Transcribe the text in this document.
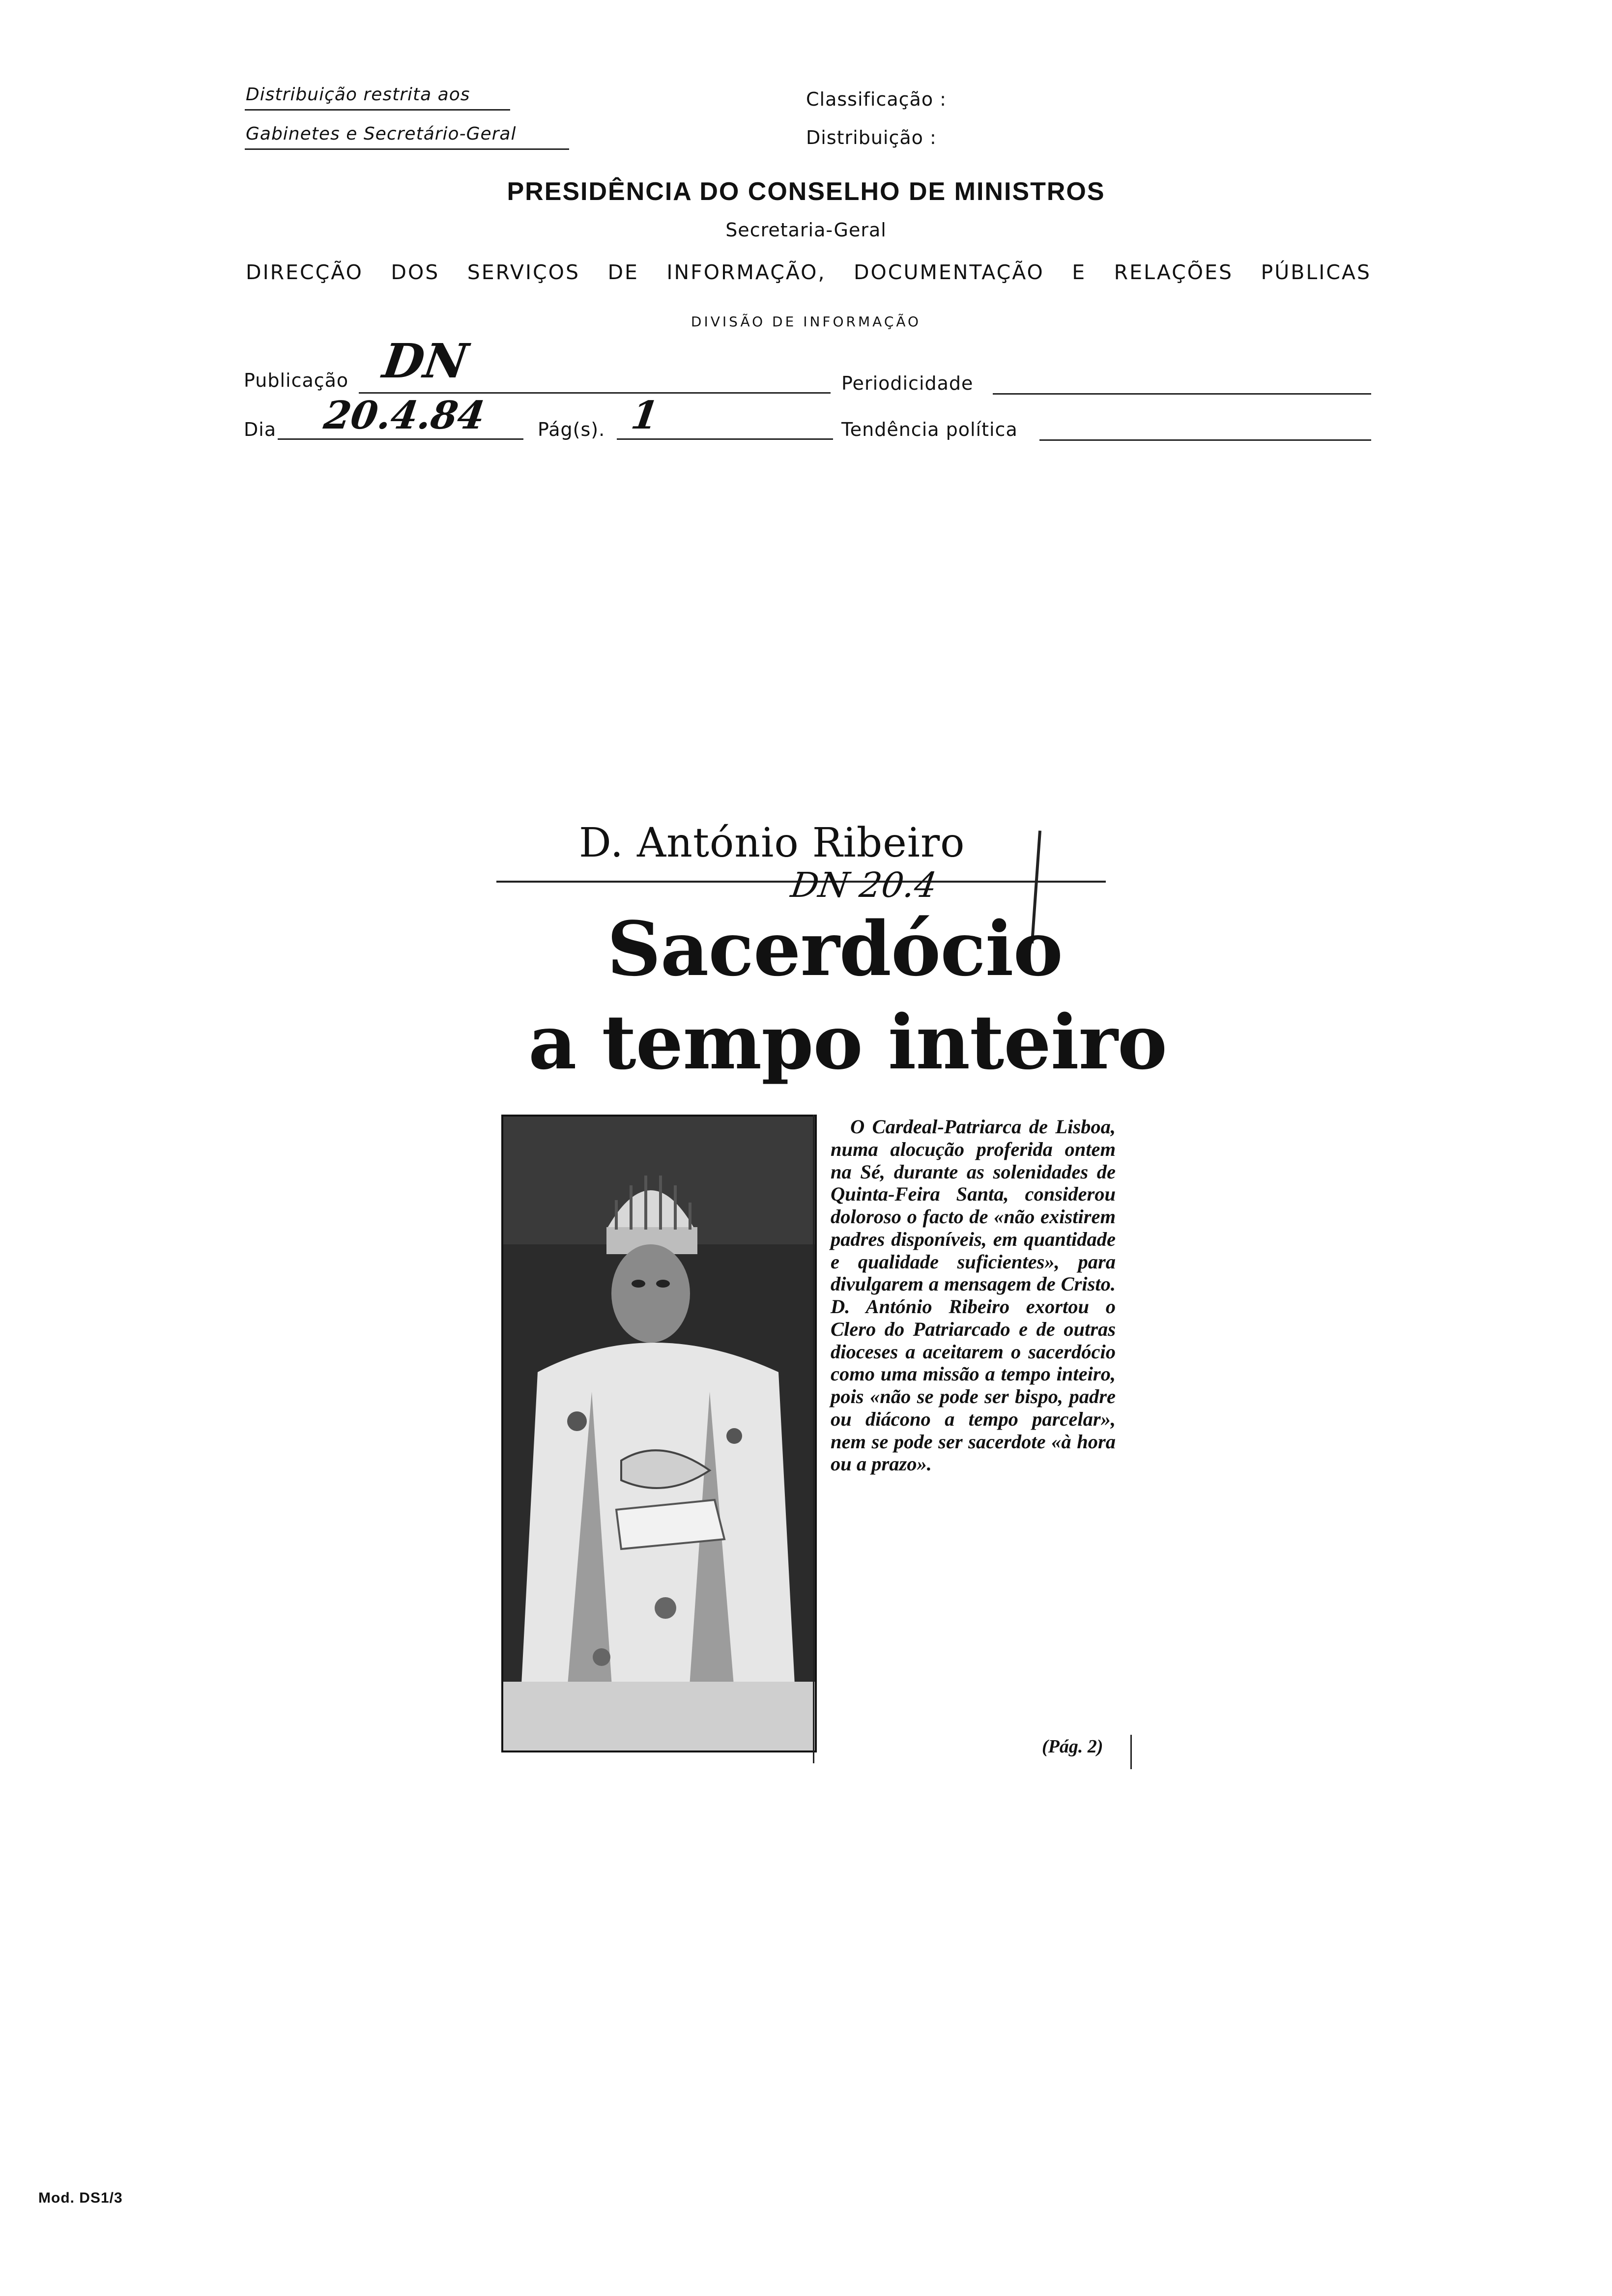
Distribuição restrita aos
Gabinetes e Secretário-Geral
Classificação :
Distribuição :
PRESIDÊNCIA DO CONSELHO DE MINISTROS
Secretaria-Geral
DIRECÇÃO DOS SERVIÇOS DE INFORMAÇÃO, DOCUMENTAÇÃO E RELAÇÕES PÚBLICAS
DIVISÃO DE INFORMAÇÃO
Publicação DN	Periodicidade
Dia 20.4.84	Pág(s). 1	Tendência política
D. António Ribeiro
DN 20.4
Sacerdócio
a tempo inteiro
O Cardeal-Patriarca de Lisboa, numa alocução proferida ontem na Sé, durante as solenidades de Quinta-Feira Santa, considerou doloroso o facto de «não existirem padres disponíveis, em quantidade e qualidade suficientes», para divulgarem a mensagem de Cristo. D. António Ribeiro exortou o Clero do Patriarcado e de outras dioceses a aceitarem o sacerdócio como uma missão a tempo inteiro, pois «não se pode ser bispo, padre ou diácono a tempo parcelar», nem se pode ser sacerdote «à hora ou a prazo».
(Pág. 2)
Mod. DS1/3
